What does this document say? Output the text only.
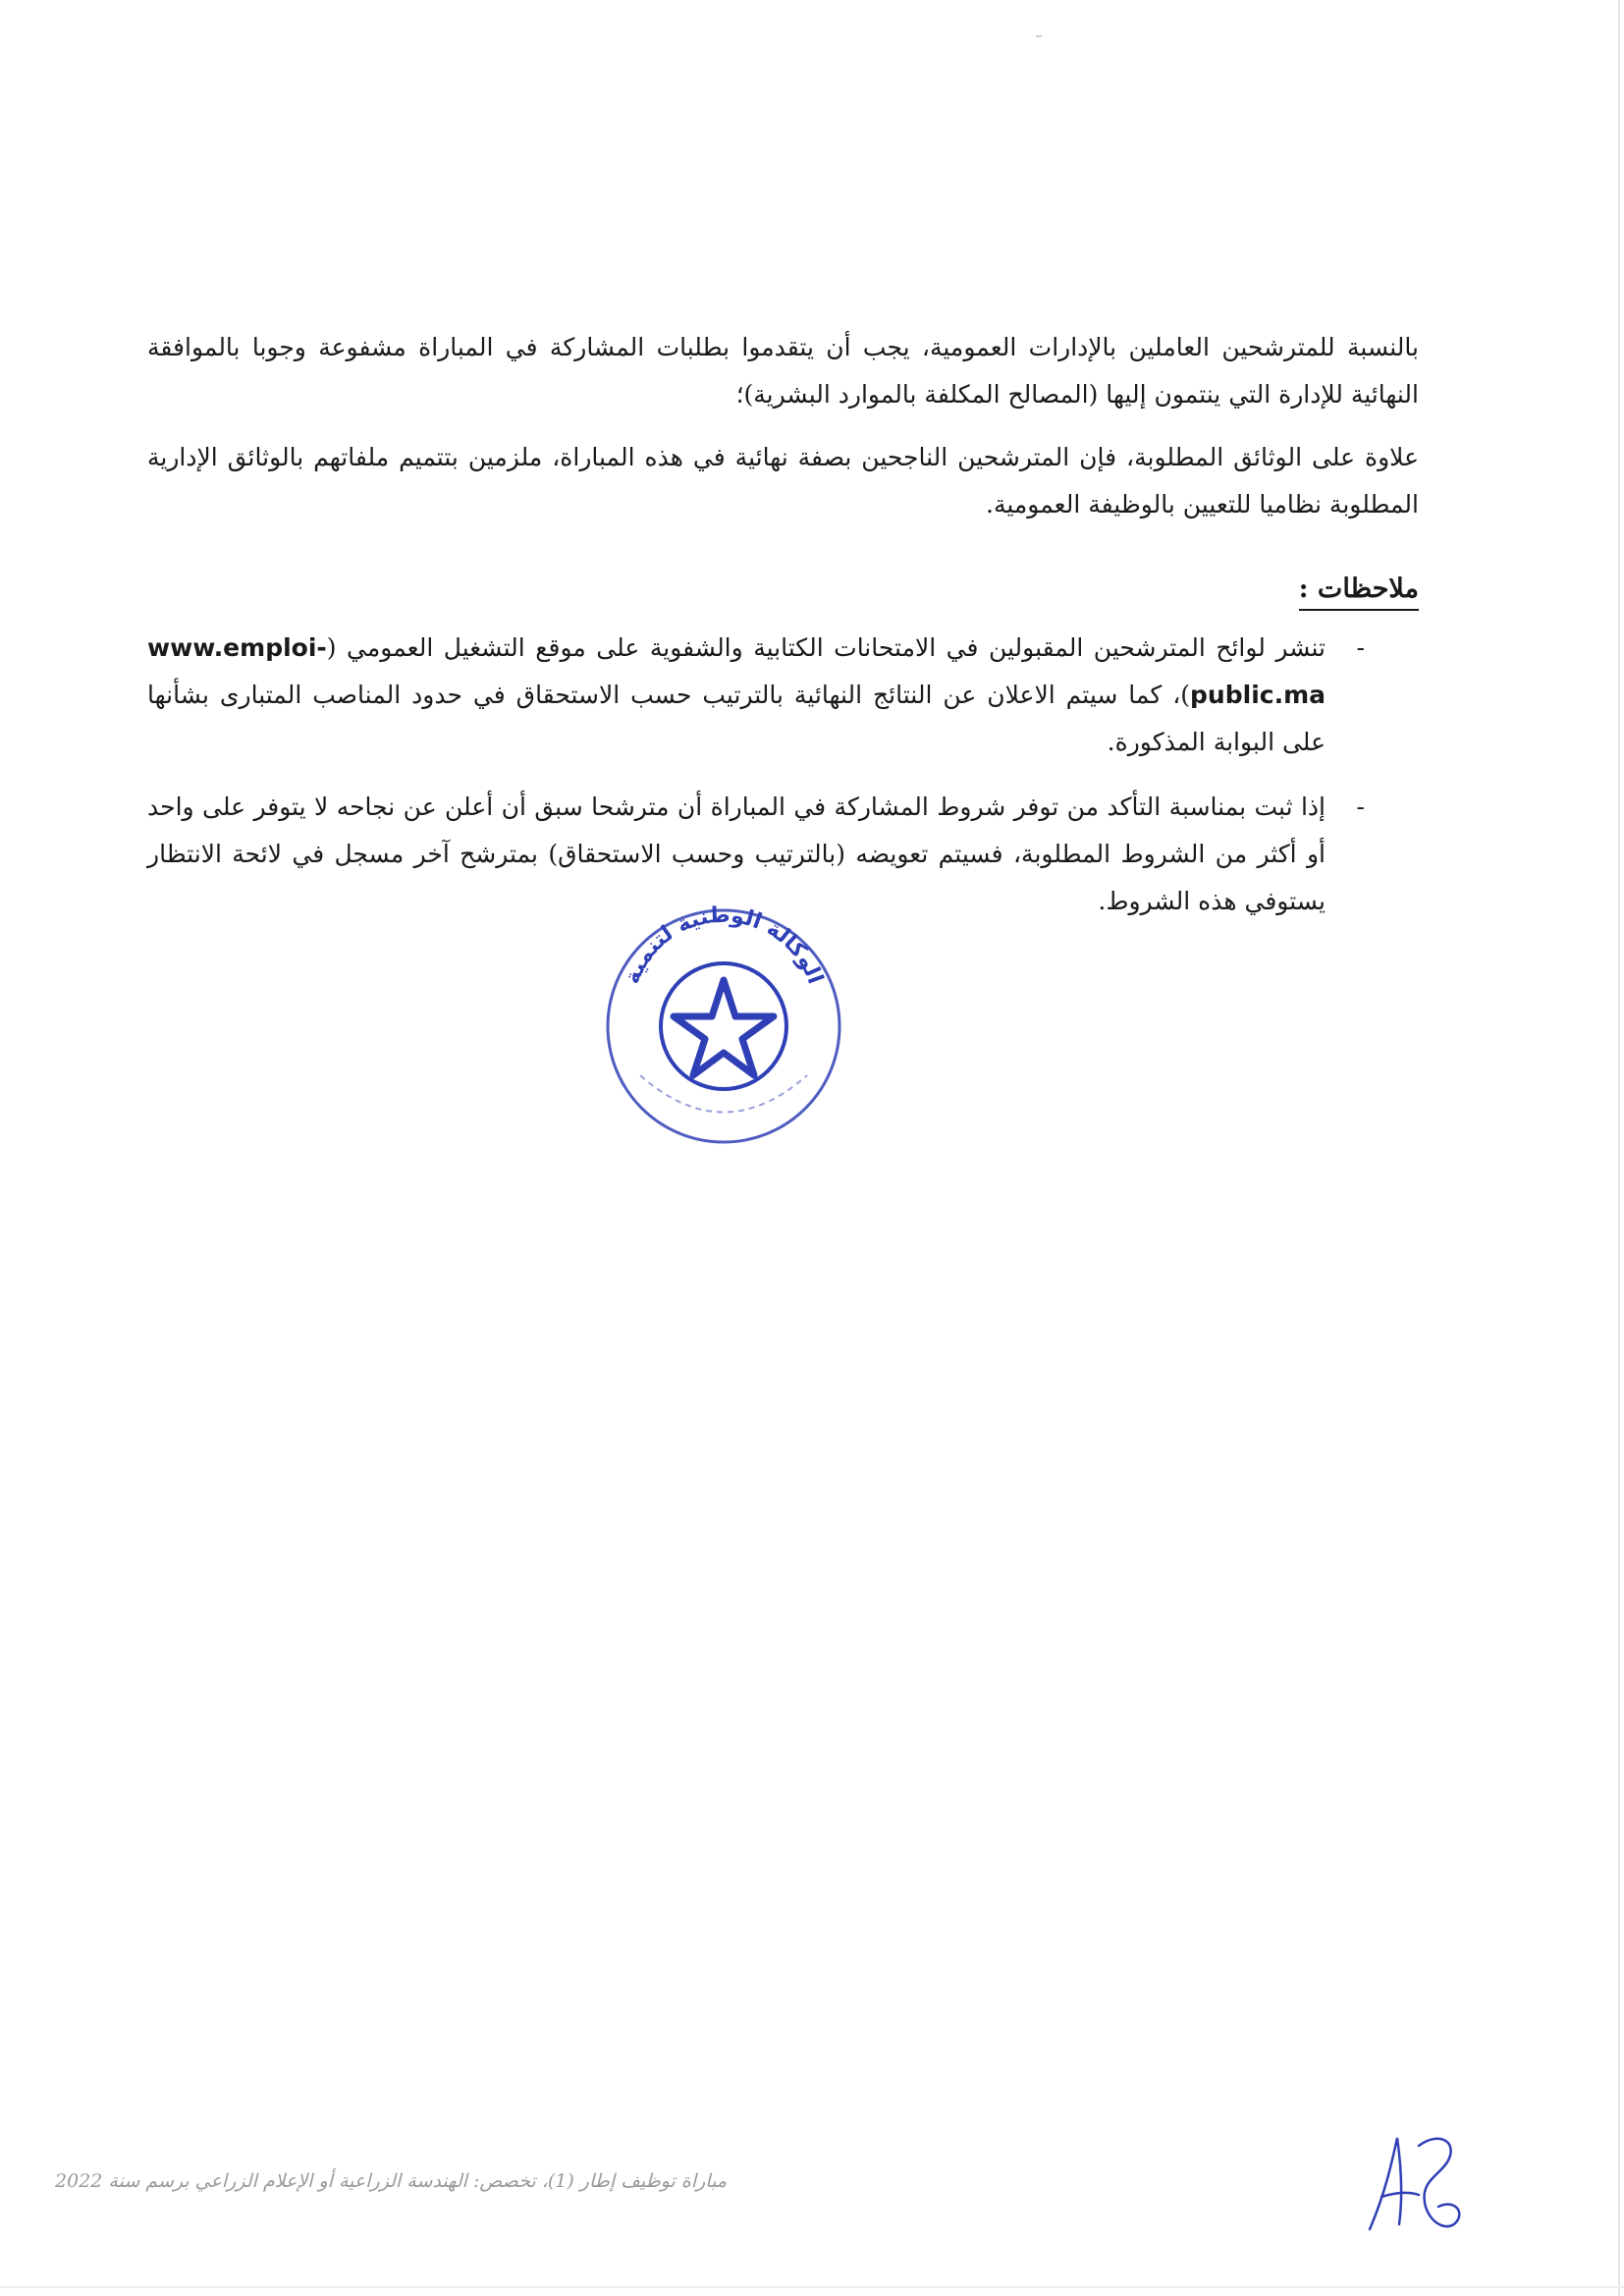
بالنسبة للمترشحين العاملين بالإدارات العمومية، يجب أن يتقدموا بطلبات المشاركة في المباراة مشفوعة وجوبا بالموافقة النهائية للإدارة التي ينتمون إليها (المصالح المكلفة بالموارد البشرية)؛

علاوة على الوثائق المطلوبة، فإن المترشحين الناجحين بصفة نهائية في هذه المباراة، ملزمين بتتميم ملفاتهم بالوثائق الإدارية المطلوبة نظاميا للتعيين بالوظيفة العمومية.

ملاحظات :

-
تنشر لوائح المترشحين المقبولين في الامتحانات الكتابية والشفوية على موقع التشغيل العمومي (www.emploi-public.ma)، كما سيتم الاعلان عن النتائج النهائية بالترتيب حسب الاستحقاق في حدود المناصب المتبارى بشأنها على البوابة المذكورة.

-
إذا ثبت بمناسبة التأكد من توفر شروط المشاركة في المباراة أن مترشحا سبق أن أعلن عن نجاحه لا يتوفر على واحد أو أكثر من الشروط المطلوبة، فسيتم تعويضه (بالترتيب وحسب الاستحقاق) بمترشح آخر مسجل في لائحة الانتظار يستوفي هذه الشروط.

الوكالة الوطنية لتنمية
مباراة توظيف إطار (1)، تخصص: الهندسة الزراعية أو الإعلام الزراعي برسم سنة 2022
